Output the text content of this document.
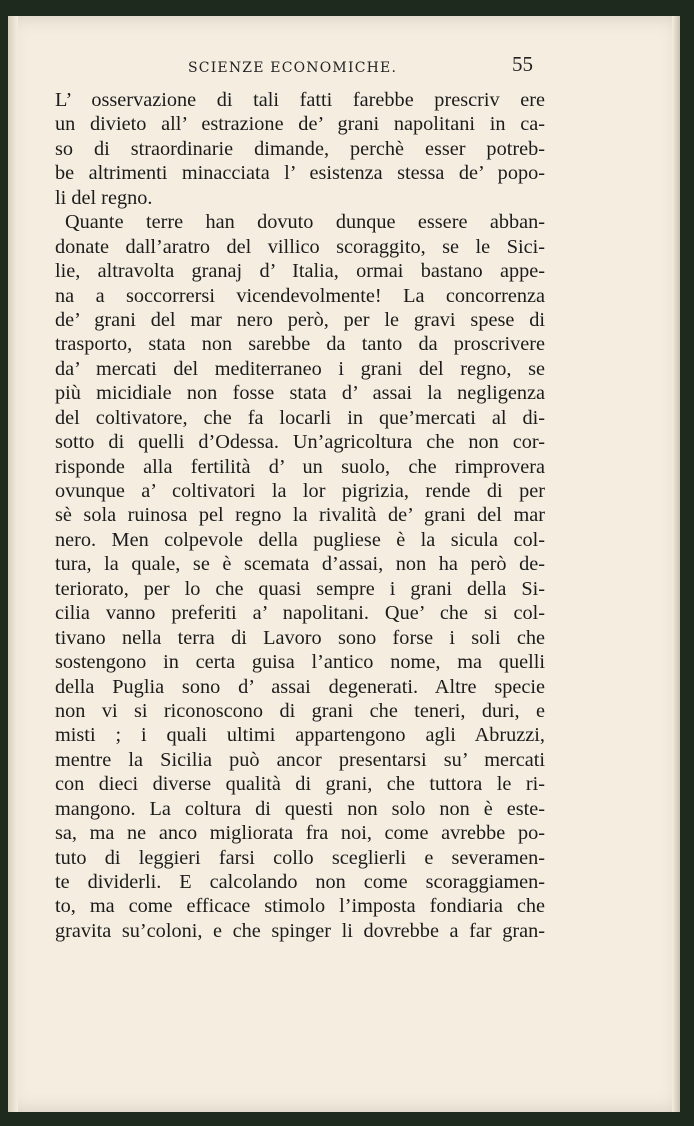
SCIENZE ECONOMICHE.	55
L’ osservazione di tali fatti farebbe prescriv ere
un divieto all’ estrazione de’ grani napolitani in ca-
so di straordinarie dimande, perchè esser potreb-
be altrimenti minacciata l’ esistenza stessa de’ popo-
li del regno.
Quante terre han dovuto dunque essere abban-
donate dall’aratro del villico scoraggito, se le Sici-
lie, altravolta granaj d’ Italia, ormai bastano appe-
na a soccorrersi vicendevolmente! La concorrenza
de’ grani del mar nero però, per le gravi spese di
trasporto, stata non sarebbe da tanto da proscrivere
da’ mercati del mediterraneo i grani del regno, se
più micidiale non fosse stata d’ assai la negligenza
del coltivatore, che fa locarli in que’mercati al di-
sotto di quelli d’Odessa. Un’agricoltura che non cor-
risponde alla fertilità d’ un suolo, che rimprovera
ovunque a’ coltivatori la lor pigrizia, rende di per
sè sola ruinosa pel regno la rivalità de’ grani del mar
nero. Men colpevole della pugliese è la sicula col-
tura, la quale, se è scemata d’assai, non ha però de-
teriorato, per lo che quasi sempre i grani della Si-
cilia vanno preferiti a’ napolitani. Que’ che si col-
tivano nella terra di Lavoro sono forse i soli che
sostengono in certa guisa l’antico nome, ma quelli
della Puglia sono d’ assai degenerati. Altre specie
non vi si riconoscono di grani che teneri, duri, e
misti ; i quali ultimi appartengono agli Abruzzi,
mentre la Sicilia può ancor presentarsi su’ mercati
con dieci diverse qualità di grani, che tuttora le ri-
mangono. La coltura di questi non solo non è este-
sa, ma ne anco migliorata fra noi, come avrebbe po-
tuto di leggieri farsi collo sceglierli e severamen-
te dividerli. E calcolando non come scoraggiamen-
to, ma come efficace stimolo l’imposta fondiaria che
gravita su’coloni, e che spinger li dovrebbe a far gran-
